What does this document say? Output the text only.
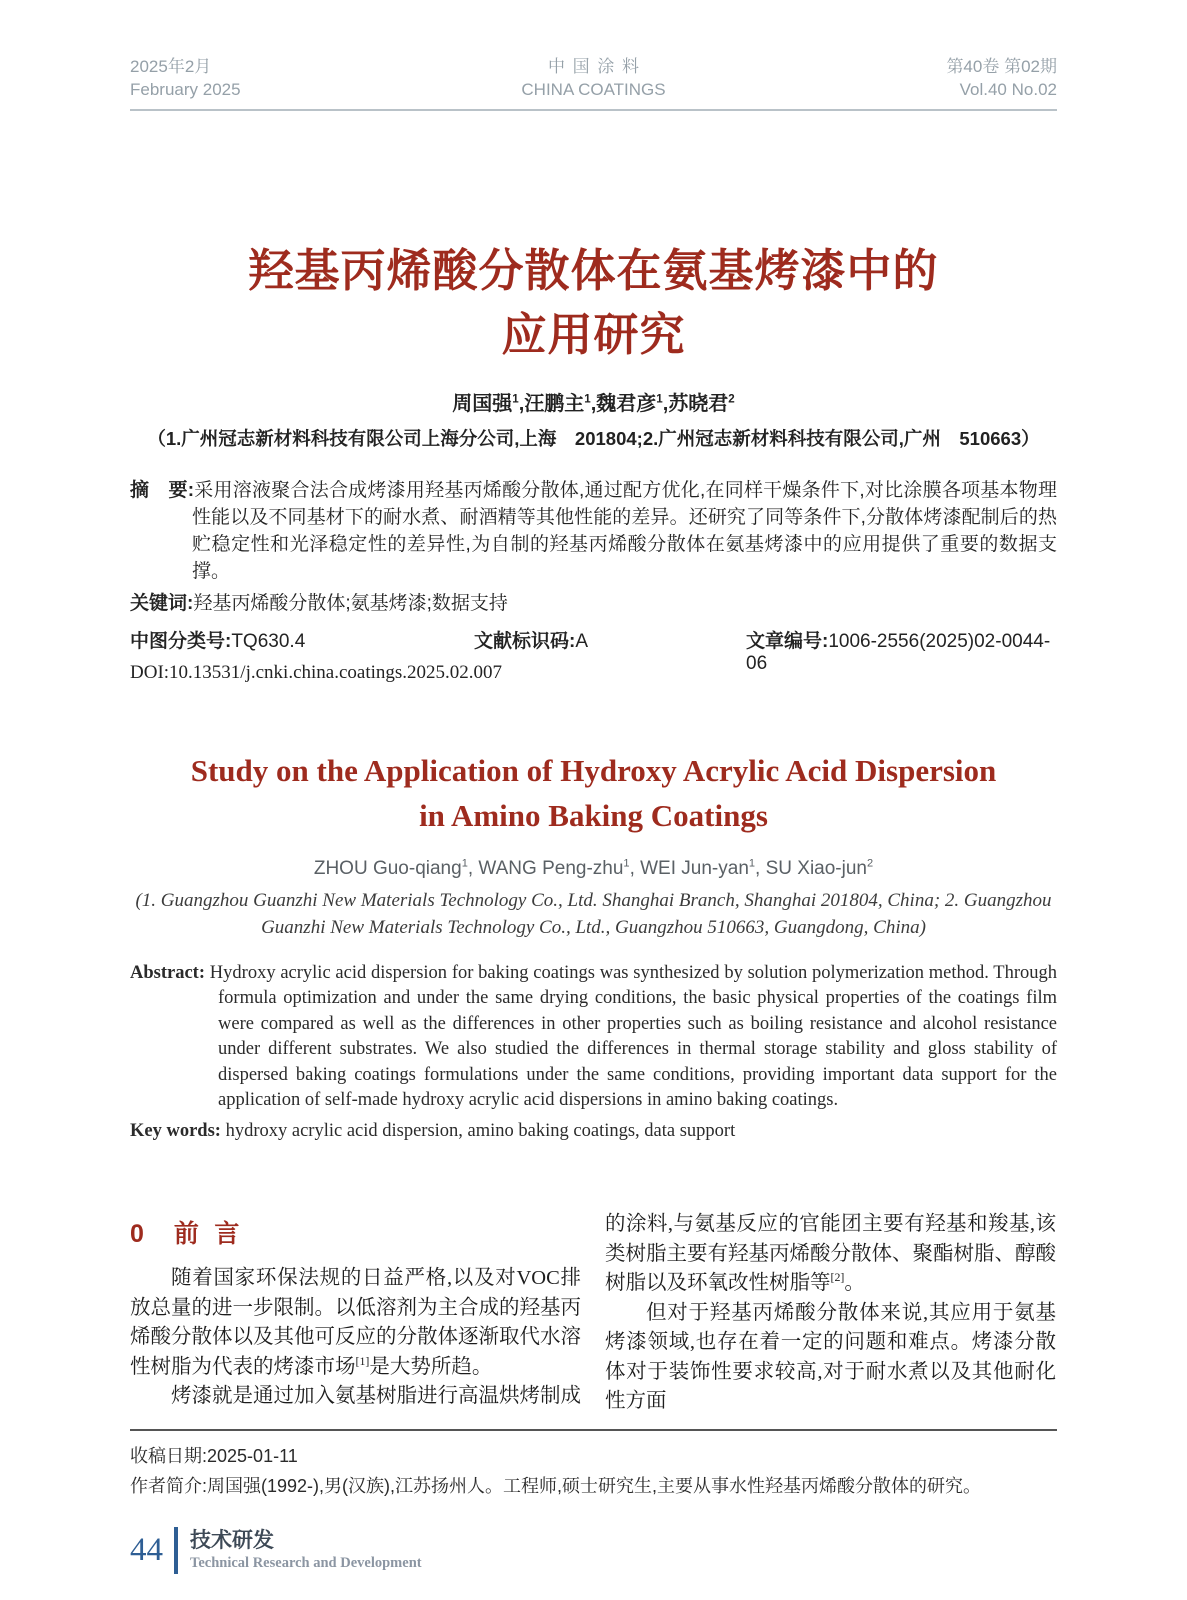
2025年2月
February 2025
中国涂料
CHINA COATINGS
第40卷 第02期
Vol.40 No.02
羟基丙烯酸分散体在氨基烤漆中的
应用研究
周国强$^1$,汪鹏主$^1$,魏君彦$^1$,苏晓君$^2$
（1.广州冠志新材料科技有限公司上海分公司,上海　201804;2.广州冠志新材料科技有限公司,广州　510663）
摘　要:采用溶液聚合法合成烤漆用羟基丙烯酸分散体,通过配方优化,在同样干燥条件下,对比涂膜各项基本物理性能以及不同基材下的耐水煮、耐酒精等其他性能的差异。还研究了同等条件下,分散体烤漆配制后的热贮稳定性和光泽稳定性的差异性,为自制的羟基丙烯酸分散体在氨基烤漆中的应用提供了重要的数据支撑。
关键词:羟基丙烯酸分散体;氨基烤漆;数据支持
中图分类号:TQ630.4	文献标识码:A	文章编号:1006-2556(2025)02-0044-06
DOI:10.13531/j.cnki.china.coatings.2025.02.007
Study on the Application of Hydroxy Acrylic Acid Dispersion
in Amino Baking Coatings
ZHOU Guo-qiang$^1$, WANG Peng-zhu$^1$, WEI Jun-yan$^1$, SU Xiao-jun$^2$
(1. Guangzhou Guanzhi New Materials Technology Co., Ltd. Shanghai Branch, Shanghai 201804, China; 2. Guangzhou Guanzhi New Materials Technology Co., Ltd., Guangzhou 510663, Guangdong, China)
Abstract: Hydroxy acrylic acid dispersion for baking coatings was synthesized by solution polymerization method. Through formula optimization and under the same drying conditions, the basic physical properties of the coatings film were compared as well as the differences in other properties such as boiling resistance and alcohol resistance under different substrates. We also studied the differences in thermal storage stability and gloss stability of dispersed baking coatings formulations under the same conditions, providing important data support for the application of self-made hydroxy acrylic acid dispersions in amino baking coatings.
Key words: hydroxy acrylic acid dispersion, amino baking coatings, data support
0 前言

随着国家环保法规的日益严格,以及对VOC排放总量的进一步限制。以低溶剂为主合成的羟基丙烯酸分散体以及其他可反应的分散体逐渐取代水溶性树脂为代表的烤漆市场[1]是大势所趋。

烤漆就是通过加入氨基树脂进行高温烘烤制成

的涂料,与氨基反应的官能团主要有羟基和羧基,该类树脂主要有羟基丙烯酸分散体、聚酯树脂、醇酸树脂以及环氧改性树脂等[2]。

但对于羟基丙烯酸分散体来说,其应用于氨基烤漆领域,也存在着一定的问题和难点。烤漆分散体对于装饰性要求较高,对于耐水煮以及其他耐化性方面

收稿日期:2025-01-11
作者简介:周国强(1992-),男(汉族),江苏扬州人。工程师,硕士研究生,主要从事水性羟基丙烯酸分散体的研究。
44 技术研发
Technical Research and Development
